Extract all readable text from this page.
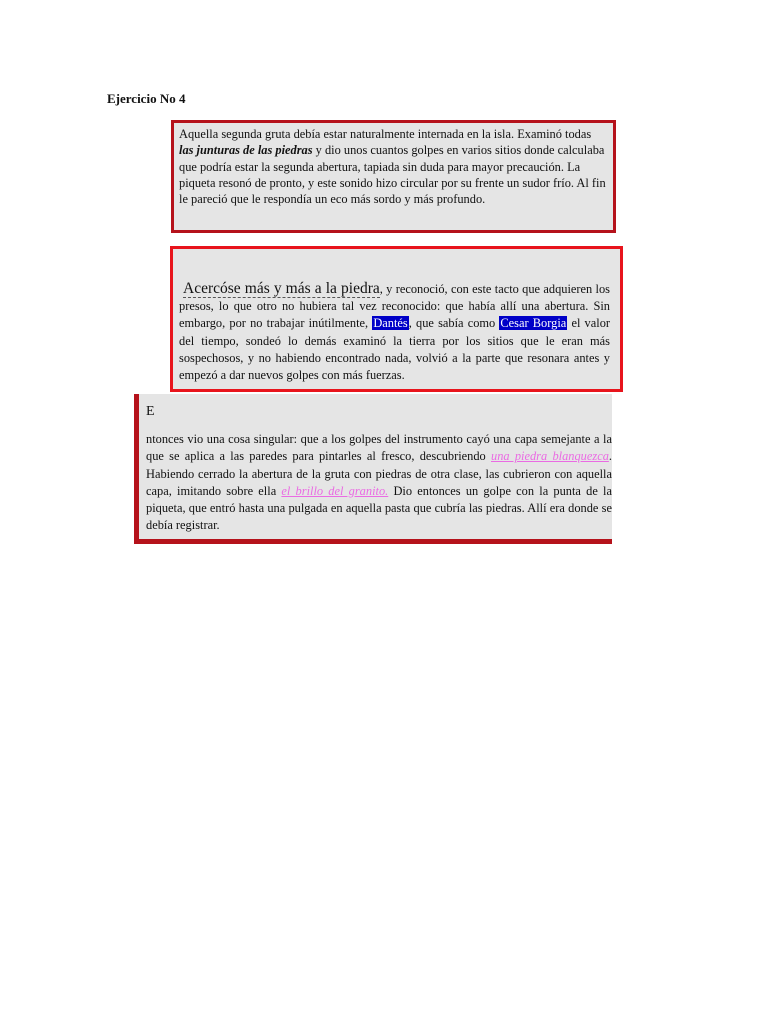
Ejercicio No 4

Aquella segunda gruta debía estar naturalmente internada en la isla. Examinó todas las junturas de las piedras y dio unos cuantos golpes en varios sitios donde calculaba que podría estar la segunda abertura, tapiada sin duda para mayor precaución. La piqueta resonó de pronto, y este sonido hizo circular por su frente un sudor frío. Al fin le pareció que le respondía un eco más sordo y más profundo.

Acercóse más y más a la piedra, y reconoció, con este tacto que adquieren los presos, lo que otro no hubiera tal vez reconocido: que había allí una abertura. Sin embargo, por no trabajar inútilmente, Dantés, que sabía como Cesar Borgia el valor del tiempo, sondeó lo demás examinó la tierra por los sitios que le eran más sospechosos, y no habiendo encontrado nada, volvió a la parte que resonara antes y empezó a dar nuevos golpes con más fuerzas.

E

ntonces vio una cosa singular: que a los golpes del instrumento cayó una capa semejante a la que se aplica a las paredes para pintarles al fresco, descubriendo una piedra blanquezca. Habiendo cerrado la abertura de la gruta con piedras de otra clase, las cubrieron con aquella capa, imitando sobre ella el brillo del granito. Dio entonces un golpe con la punta de la piqueta, que entró hasta una pulgada en aquella pasta que cubría las piedras. Allí era donde se debía registrar.
